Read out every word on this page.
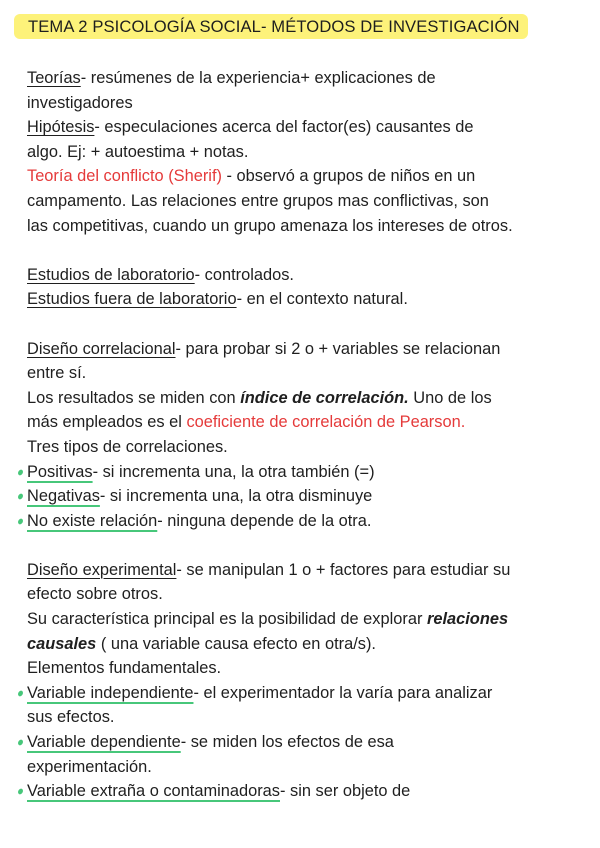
TEMA 2 PSICOLOGÍA SOCIAL- MÉTODOS DE INVESTIGACIÓN
Teorías- resúmenes de la experiencia+ explicaciones de
investigadores
Hipótesis- especulaciones acerca del factor(es) causantes de
algo. Ej: + autoestima + notas.
Teoría del conflicto (Sherif) - observó a grupos de niños en un
campamento. Las relaciones entre grupos mas conflictivas, son
las competitivas, cuando un grupo amenaza los intereses de otros.
Estudios de laboratorio- controlados.
Estudios fuera de laboratorio- en el contexto natural.
Diseño correlacional- para probar si 2 o + variables se relacionan
entre sí.
Los resultados se miden con índice de correlación. Uno de los
más empleados es el coeficiente de correlación de Pearson.
Tres tipos de correlaciones.
Positivas- si incrementa una, la otra también (=)
Negativas- si incrementa una, la otra disminuye
No existe relación- ninguna depende de la otra.
Diseño experimental- se manipulan 1 o + factores para estudiar su
efecto sobre otros.
Su característica principal es la posibilidad de explorar relaciones
causales ( una variable causa efecto en otra/s).
Elementos fundamentales.
Variable independiente- el experimentador la varía para analizar
sus efectos.
Variable dependiente- se miden los efectos de esa
experimentación.
Variable extraña o contaminadoras- sin ser objeto de
